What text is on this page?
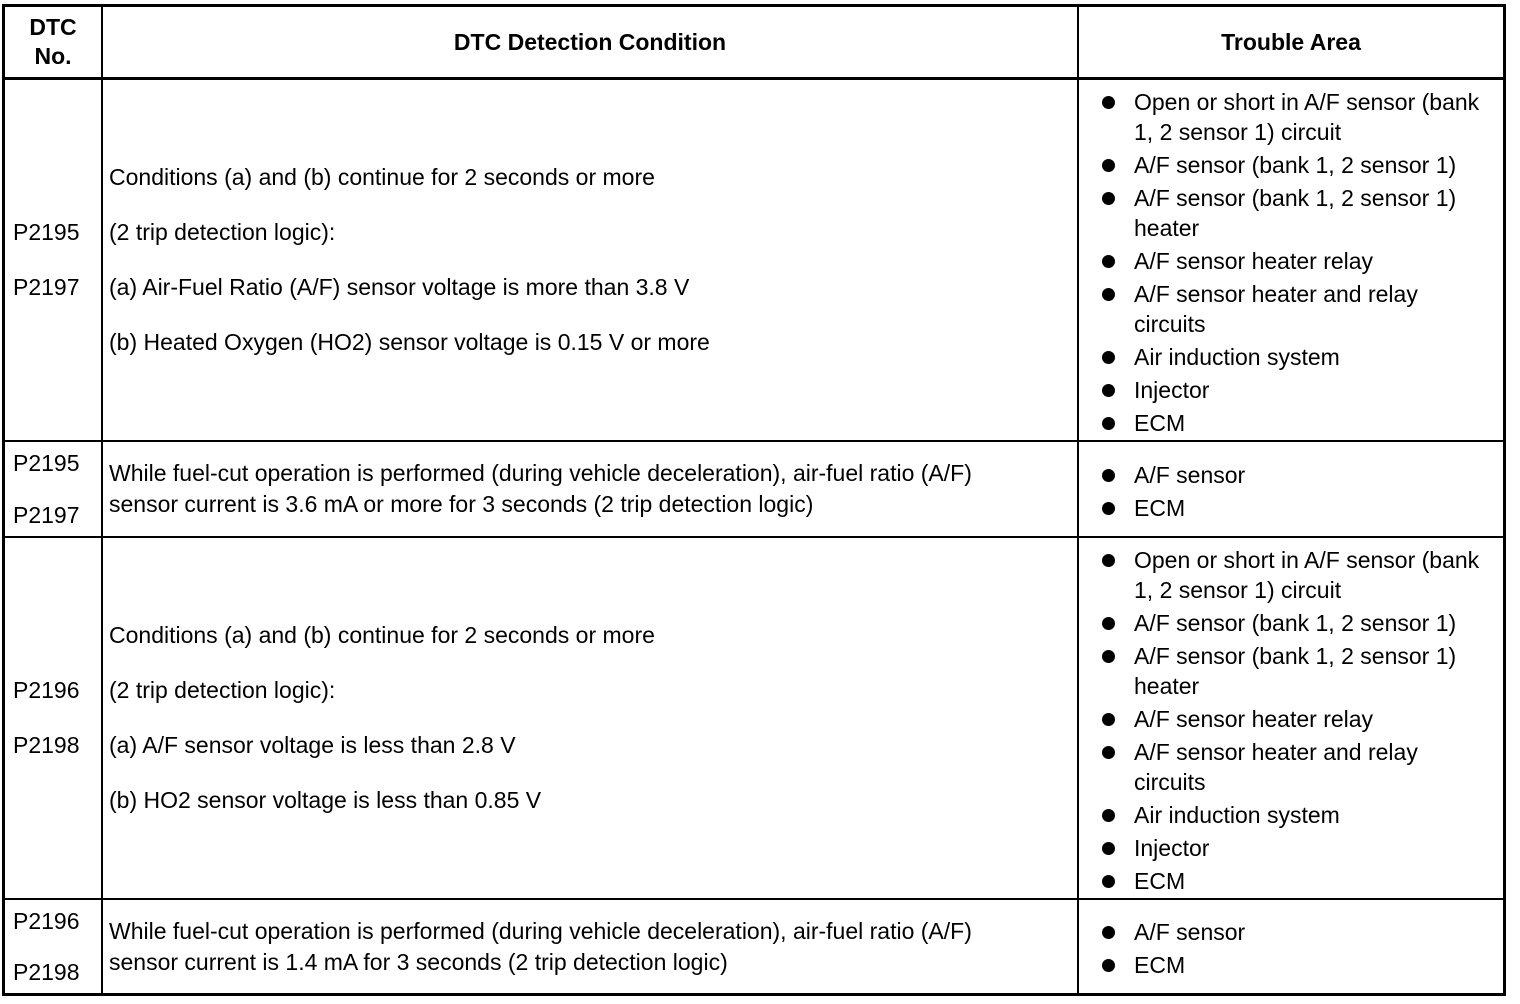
DTC
No.
DTC Detection Condition	Trouble Area
P2195
P2197
Conditions (a) and (b) continue for 2 seconds or more
(2 trip detection logic):
(a) Air-Fuel Ratio (A/F) sensor voltage is more than 3.8 V
(b) Heated Oxygen (HO2) sensor voltage is 0.15 V or more
Open or short in A/F sensor (bank 1, 2 sensor 1) circuit
A/F sensor (bank 1, 2 sensor 1)
A/F sensor (bank 1, 2 sensor 1) heater
A/F sensor heater relay
A/F sensor heater and relay circuits
Air induction system
Injector
ECM
P2195
P2197
While fuel-cut operation is performed (during vehicle deceleration), air-fuel ratio (A/F)
sensor current is 3.6 mA or more for 3 seconds (2 trip detection logic)
A/F sensor
ECM
P2196
P2198
Conditions (a) and (b) continue for 2 seconds or more
(2 trip detection logic):
(a) A/F sensor voltage is less than 2.8 V
(b) HO2 sensor voltage is less than 0.85 V
Open or short in A/F sensor (bank 1, 2 sensor 1) circuit
A/F sensor (bank 1, 2 sensor 1)
A/F sensor (bank 1, 2 sensor 1) heater
A/F sensor heater relay
A/F sensor heater and relay circuits
Air induction system
Injector
ECM
P2196
P2198
While fuel-cut operation is performed (during vehicle deceleration), air-fuel ratio (A/F)
sensor current is 1.4 mA for 3 seconds (2 trip detection logic)
A/F sensor
ECM
